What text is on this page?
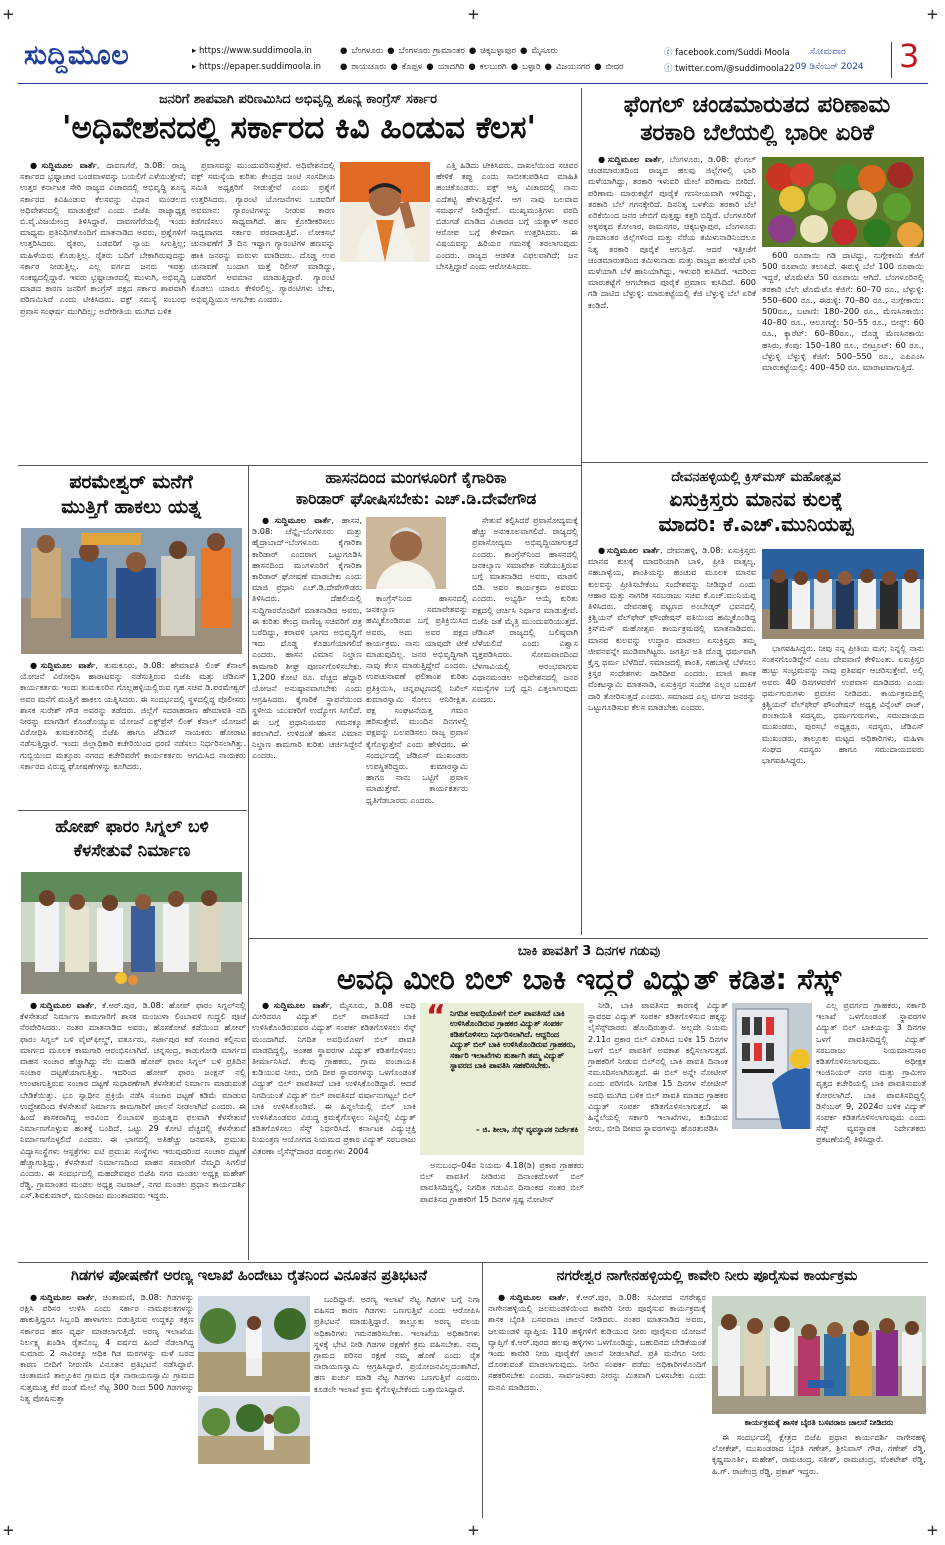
+	+	+
+	+	+
ಸುದ್ದಿಮೂಲ	▸ https://www.suddimoola.in
▸ https://epaper.suddimoola.in
● ಬೆಂಗಳೂರು ● ಬೆಂಗಳೂರು ಗ್ರಾಮಾಂತರ ● ಚಿಕ್ಕಬಳ್ಳಾಪುರ ● ಮೈಸೂರು
● ರಾಯಚೂರು ● ಕೊಪ್ಪಳ ● ಯಾದಗಿರಿ ● ಕಲಬುರಗಿ ● ಬಳ್ಳಾರಿ ● ವಿಜಯನಗರ ● ಬೀದರ
ⓕ facebook.com/Suddi Moola
ⓣ twitter.com/@suddimoola22
ಸೋಮವಾರ
09 ಡಿಸೆಂಬರ್ 2024 3
ಜನರಿಗೆ ಶಾಪವಾಗಿ ಪರಿಣಮಿಸಿದ ಅಭಿವೃದ್ಧಿ ಶೂನ್ಯ ಕಾಂಗ್ರೆಸ್ ಸರ್ಕಾರ
'ಅಧಿವೇಶನದಲ್ಲಿ ಸರ್ಕಾರದ ಕಿವಿ ಹಿಂಡುವ ಕೆಲಸ'

●ಸುದ್ದಿಮೂಲ ವಾರ್ತೆ, ದಾವಣಗೆರೆ, ಡಿ.08: ರಾಜ್ಯ ಸರ್ಕಾರದ ಭ್ರಷ್ಟಾಚಾರ ಬಂಡವಾಳವನ್ನು ಬಯಲಿಗೆ ಎಳೆಯುತ್ತೇವೆ; ಉತ್ತರ ಕರ್ನಾಟಕ ಸೇರಿ ರಾಜ್ಯದ ವಿಚಾರದಲ್ಲಿ ಅಭಿವೃದ್ಧಿ ಶೂನ್ಯ ಸರ್ಕಾರದ ಕಿವಿಹಿಂಡುವ ಕೆಲಸವನ್ನು ವಿಧಾನ ಮಂಡಲದ ಅಧಿವೇಶನದಲ್ಲಿ ಮಾಡುತ್ತೇವೆ ಎಂದು ಬಿಜೆಪಿ ರಾಜ್ಯಾಧ್ಯಕ್ಷ ಬಿ.ವೈ.ವಿಜಯೇಂದ್ರ ತಿಳಿಸಿದ್ದಾರೆ. ದಾವಣಗೆರೆಯಲ್ಲಿ ಇಂದು ಮಾಧ್ಯಮ ಪ್ರತಿನಿಧಿಗಳೊಂದಿಗೆ ಮಾತನಾಡಿದ ಅವರು, ಪ್ರಶ್ನೆಗಳಿಗೆ ಉತ್ತರಿಸಿದರು. ರೈತರು, ಬಡವರಿಗೆ ನ್ಯಾಯ ಸಿಗುತ್ತಿಲ್ಲ; ಮಹಿಳೆಯರು ಕೊಡುತ್ತಿಲ್ಲ. ರೈತರು ಬದಿಗೆ ಬೇಕಾಗಿರುವುದನ್ನು ಸರ್ಕಾರ ನೀಡುತ್ತಿಲ್ಲ. ಎಲ್ಲ ವರ್ಗದ ಜನರು ಇವತ್ತು ಸಂಕಷ್ಟದಲ್ಲಿದ್ದಾರೆ. ಇವರು ಭ್ರಷ್ಟಾಚಾರದಲ್ಲಿ ಮುಳುಗಿ, ಅಭಿವೃದ್ಧಿ ಮಾಡದ ಕಾರಣ ಜನರಿಗೆ ಕಾಂಗ್ರೆಸ್ ಪಕ್ಷದ ಸರ್ಕಾರ ಶಾಪವಾಗಿ ಪರಿಣಮಿಸಿದೆ ಎಂದು ಟೀಕಿಸಿದರು. ವಕ್ಫ್ ಸಮಸ್ಯೆ ಸಂಬಂಧ ಪ್ರವಾಸ ಸಂಘರ್ಷ ಮುಗಿದಿಲ್ಲ; ಅದೇರೀತಿಯ ಮುಗಿದ ಬಳಿಕ

ಪ್ರವಾಸವನ್ನು ಮುಂದುವರಿಸುತ್ತೇವೆ. ಅಧಿವೇಶನದಲ್ಲಿ ವಕ್ಫ್ ಸಮಸ್ಯೆಯ ಕುರಿತು ಕೇಂದ್ರದ ಜಂಟಿ ಸಂಸದೀಯ ಸಮಿತಿ ಅಧ್ಯಕ್ಷರಿಗೆ ನೀಡುತ್ತೇವೆ ಎಂದು ಪ್ರಶ್ನೆಗೆ ಉತ್ತರಿಸಿದರು. ಗ್ಯಾರಂಟಿ ಯೋಜನೆಗಳು ಬಡವರಿಗೆ ಅವಮಾನ: ಗ್ಯಾರಂಟಿಗಳನ್ನು ನೀಡುವ ಕಾರಣ ಕಡೆಗಣಿಸಲು ಸಾಧ್ಯವಾಗಿದೆ. ಹಣ ಕ್ರೋಡೀಕರಿಸಲು ಸಾಧ್ಯವಾಗದ ಸರ್ಕಾರ ಪರದಾಡುತ್ತಿದೆ. ಲೋಕಸಭೆ ಚುನಾವಣೆಗೆ 3 ದಿನ ಇದ್ದಾಗ ಗ್ಯಾರಂಟಿಗಳ ಹಣವನ್ನು ಹಾಕಿ ಜನರನ್ನು ಮರುಳು ಮಾಡಿದರು. ದೊಡ್ಡ ಉಪ ಚುನಾವಣೆ ಬಂದಾಗ ಮತ್ತೆ ರಿಲೀಸ್ ಮಾಡಿದ್ದು, ಬಡವರಿಗೆ ಅವಮಾನ ಮಾಡುತ್ತಿದ್ದಾರೆ. ಗ್ಯಾರಂಟಿ ಕೊಡಲು ಯಾರೂ ಕೇಳಿರಲಿಲ್ಲ. ಗ್ಯಾರಂಟಿಗಳು ಬೇಕು, ಅಭಿವೃದ್ಧಿಯೂ ಆಗಬೇಕು ಎಂದರು.

ಎತ್ತಿ ಹಿಡಿದು ಟೀಕಿಸಿದರು. ದಾಖಲೆಯಿಂದ ಸಚಿವರ ಹೇಳಿಕೆ ತಪ್ಪು ಎಂದು ಸಾಬೀತುಪಡಿಸಿದ ಮಾಹಿತಿ ಹಂಚಿಕೊಂಡರು. ವಕ್ಫ್ ಆಸ್ತಿ ವಿಚಾರದಲ್ಲಿ ನಾನು ಎದೆತಟ್ಟಿ ಹೇಳುತ್ತಿದ್ದೇನೆ. ಆಗ ನಾವು ಬಲವಾದ ಸಮರ್ಥನೆ ನೀಡಿದ್ದೇವೆ. ಮುಖ್ಯಮಂತ್ರಿಗಳು ವರದಿ ಬಿಡುಗಡೆ ಮಾಡಿದ ವಿಚಾರದ ಬಗ್ಗೆ ಯತ್ನಾಳ್ ಅವರ ಆರೋಪ ಬಗ್ಗೆ ಕೇಳಿದಾಗ ಉತ್ತರಿಸಿದರು. ಈ ವಿಷಯವನ್ನು ಹಿರಿಯರ ಗಮನಕ್ಕೆ ತರಲಾಗುವುದು ಎಂದರು. ರಾಜ್ಯದ ಆಡಳಿತ ವಿಫಲವಾಗಿದೆ; ಜನ ಬೇಸತ್ತಿದ್ದಾರೆ ಎಂದು ಆರೋಪಿಸಿದರು.

ಫೆಂಗಲ್ ಚಂಡಮಾರುತದ ಪರಿಣಾಮ
ತರಕಾರಿ ಬೆಲೆಯಲ್ಲಿ ಭಾರೀ ಏರಿಕೆ

●ಸುದ್ದಿಮೂಲ ವಾರ್ತೆ, ಬೆಂಗಳೂರು, ಡಿ.08: ಫೆಂಗಲ್ ಚಂಡಮಾರುತದಿಂದ ರಾಜ್ಯದ ಹಲವು ಜಿಲ್ಲೆಗಳಲ್ಲಿ ಭಾರಿ ಮಳೆಯಾಗಿದ್ದು, ತರಕಾರಿ ಇಳುವರಿ ಮೇಲೆ ಪರಿಣಾಮ ಬೀರಿದೆ. ಪರಿಣಾಮ ಮಾರುಕಟ್ಟೆಗೆ ಪೂರೈಕೆ ಗಣನೀಯವಾಗಿ ಇಳಿದಿದ್ದು, ತರಕಾರಿ ಬೆಲೆ ಗಗನಕ್ಕೇರಿದೆ. ದಿನನಿತ್ಯ ಬಳಕೆಯ ತರಕಾರಿ ಬೆಲೆ ಏರಿಕೆಯಿಂದ ಜನರ ಜೇಬಿಗೆ ಮತ್ತಷ್ಟು ಕತ್ತರಿ ಬಿದ್ದಿದೆ. ಬೆಂಗಳೂರಿಗೆ ಅಕ್ಕಪಕ್ಕದ ಕೋಲಾರ, ರಾಮನಗರ, ಚಿಕ್ಕಬಳ್ಳಾಪುರ, ಬೆಂಗಳೂರು ಗ್ರಾಮಾಂತರ ಜಿಲ್ಲೆಗಳಿಂದ ಮತ್ತು ನೆರೆಯ ತಮಿಳುನಾಡಿನಿಂದಲೂ ನಿತ್ಯ ತರಕಾರಿ ಪೂರೈಕೆ ಆಗುತ್ತಿದೆ. ಆದರೆ ಇತ್ತೀಚೆಗೆ ಚಂಡಮಾರುತದಿಂದ ತಮಿಳುನಾಡು ಮತ್ತು ರಾಜ್ಯದ ಹಲವೆಡೆ ಭಾರಿ ಮಳೆಯಾಗಿ ಬೆಳೆ ಹಾನಿಯಾಗಿದ್ದು, ಇಳುವರಿ ಕುಸಿದಿದೆ. ಇದರಿಂದ ಮಾರುಕಟ್ಟೆಗೆ ಆಗಬೇಕಾದ ಪೂರೈಕೆ ಪ್ರಮಾಣ ಕುಸಿದಿದೆ. 600 ಗಡಿ ದಾಟಿದ ಬೆಳ್ಳುಳ್ಳಿ: ಮಾರುಕಟ್ಟೆಯಲ್ಲಿ ಕೆಜಿ ಬೆಳ್ಳುಳ್ಳಿ ಬೆಲೆ ಏರಿಕೆ ಕಂಡಿದೆ.

600 ರೂಪಾಯಿ ಗಡಿ ದಾಟಿದ್ದು, ನುಗ್ಗೇಕಾಯಿ ಕೆಜಿಗೆ 500 ರೂಪಾಯಿ ತಲುಪಿದೆ. ಈರುಳ್ಳಿ ಬೆಲೆ 100 ರೂಪಾಯಿ ಇದ್ದರೆ, ಟೊಮೆಟೊ 50 ರೂಪಾಯಿ ಆಗಿದೆ. ಬೆಂಗಳೂರಿನಲ್ಲಿ ತರಕಾರಿ ಬೆಲೆ: ಟೊಮೆಟೊ ಕೆಜಿಗೆ: 60–70 ರೂ., ಬೆಳ್ಳುಳ್ಳಿ: 550–600 ರೂ., ಈರುಳ್ಳಿ: 70–80 ರೂ., ನುಗ್ಗೇಕಾಯಿ: 500ರೂ., ಬಟಾಣಿ: 180–200 ರೂ., ಮೆಣಸಿನಕಾಯಿ: 40–80 ರೂ., ಆಲೂಗಡ್ಡೆ: 50–55 ರೂ., ಬೀನ್ಸ್: 60 ರೂ., ಕ್ಯಾರೆಟ್: 60–80ರೂ., ದೊಡ್ಡ ಮೆಣಸಿನಕಾಯಿ ಹಸಿರು, ಕೆಂಪು: 150–180 ರೂ., ಬೀಟ್ರೂಟ್: 60 ರೂ., ಬೆಳ್ಳುಳ್ಳಿ ಬೆಳ್ಳುಳ್ಳಿ ಕೆಜಿಗೆ: 500–550 ರೂ., ಎಪಿಎಂಸಿ ಮಾರುಕಟ್ಟೆಯಲ್ಲಿ: 400–450 ರೂ. ಮಾರಾಟವಾಗುತ್ತಿದೆ.

ಪರಮೇಶ್ವರ್ ಮನೆಗೆ
ಮುತ್ತಿಗೆ ಹಾಕಲು ಯತ್ನ

●ಸುದ್ದಿಮೂಲ ವಾರ್ತೆ, ತುಮಕೂರು, ಡಿ.08: ಹೇಮಾವತಿ ಲಿಂಕ್ ಕೆನಾಲ್ ಯೋಜನೆ ವಿರೋಧಿಸಿ ಹಾರಾಟವನ್ನು ನಡೆಸುತ್ತಿರುವ ಬಿಜೆಪಿ ಮತ್ತು ಜೆಡಿಎಸ್ ಕಾರ್ಯಕರ್ತರು ಇಂದು ತುಮಕೂರಿನ ಗೊಲ್ಲಹಳ್ಳಿಯಲ್ಲಿರುವ ಗೃಹ ಸಚಿವ ಡಿ.ಪರಮೇಶ್ವರ್ ಅವರ ಮನೆಗೆ ಮುತ್ತಿಗೆ ಹಾಕಲು ಯತ್ನಿಸಿದರು. ಈ ಸಂದರ್ಭದಲ್ಲಿ ಸ್ಥಳದಲ್ಲಿದ್ದ ಪೊಲೀಸರು ಶಾಸಕ ಸುರೇಶ್ ಗೌಡ ಅವರನ್ನು ತಡೆದರು. ಜಿಲ್ಲೆಗೆ ಸದರಾಹರಾಣ ಹೇಮಾವತಿ ನದಿ ನೀರನ್ನು ಮಾಗಡಿಗೆ ಕೊಂಡೊಯ್ಯುವ ಯೋಜನೆ ಎಕ್ಸ್‌ಪ್ರೆಸ್ ಲಿಂಕ್ ಕೆನಾಲ್ ಯೋಜನೆ ವಿರೋಧಿಸಿ ತುಮಕೂರಿನಲ್ಲಿ ಬಿಜೆಪಿ ಹಾಗೂ ಜೆಡಿಎಸ್ ನಾಯಕರು ಹೋರಾಟ ನಡೆಸುತ್ತಿದ್ದಾರೆ. ಇಂದು ಜಿಲ್ಲಾಧಿಕಾರಿ ಕಚೇರಿಯಿಂದ ಧರಣಿ ನಡೆಸಲು ನಿರ್ಧರಿಸಲಾಗಿತ್ತು. ಗುಬ್ಬಿಯಿಂದ ಮತ್ತೂರು ನಗರದ ಕಚೇರಿವರೆಗೆ ಕಾರ್ಯಕರ್ತರು ಆಗಮಿಸಿದ ನಾಯಕರು ಸರ್ಕಾರದ ವಿರುದ್ಧ ಘೋಷಣೆಗಳನ್ನು ಕೂಗಿದರು.

ಹೋಪ್ ಫಾರಂ ಸಿಗ್ನಲ್ ಬಳಿ
ಕೆಳಸೇತುವೆ ನಿರ್ಮಾಣ

●ಸುದ್ದಿಮೂಲ ವಾರ್ತೆ, ಕೆ.ಆರ್.ಪುರ, ಡಿ.08: ಹೋಪ್ ಫಾರಂ ಸಿಗ್ನಲ್‌ನಲ್ಲಿ ಕೆಳಸೇತುವೆ ನಿರ್ಮಾಣ ಕಾಮಗಾರಿಗೆ ಶಾಸಕ ಮಂಜುಳಾ ಲಿಂಬಾವಳಿ ಗುದ್ದಲಿ ಪೂಜೆ ನೆರವೇರಿಸಿದರು. ನಂತರ ಮಾತನಾಡಿದ ಅವರು, ಹೊಸಕೋಟೆ ಕಡೆಯಿಂದ ಹೋಪ್ ಫಾರಂ ಸಿಗ್ನಲ್ ಬಳಿ ವೈಟ್‌ಫೀಲ್ಡ್, ವರ್ತೂರು, ಸರ್ಜಾಪುರ ಕಡೆ ಸಂಚಾರ ಕಲ್ಪಿಸುವ ಮಾರ್ಗದ ಮೂಲಕ ಕಾಮಗಾರಿ ಆರಂಭಿಸಲಾಗಿದೆ. ಚನ್ನಸಂದ್ರ, ಕಾಡುಗೋಡಿ ಮಾರ್ಗದ ವಾಹನ ಸಂಚಾರ ಹೆಚ್ಚಾಗಿದ್ದು ನೆಲ ಮಹಡಿ ಹೋಪ್ ಫಾರಂ ಸಿಗ್ನಲ್ ಬಳಿ ಪ್ರತಿದಿನ ಸಂಚಾರ ದಟ್ಟಣೆಯಾಗುತ್ತಿತ್ತು. ಇದರಿಂದ ಹೋಪ್ ಫಾರಂ ಜಂಕ್ಷನ್ ನಲ್ಲಿ ಉಂಟಾಗುತ್ತಿರುವ ಸಂಚಾರ ದಟ್ಟಣೆ ಸುಧಾರಣೆಗಾಗಿ ಕೆಳಸೇತುವೆ ನಿರ್ಮಾಣ ಮಾಡುವಂತೆ ಬೇಡಿಕೆಯಿತ್ತು. ಭೂ ಸ್ವಾಧೀನ ಪ್ರಕ್ರಿಯೆ ನಡೆಸಿ ಸಂಚಾರ ದಟ್ಟಣೆ ಕಡಿಮೆ ಮಾಡುವ ಉದ್ದೇಶದಿಂದ ಕೆಳಸೇತುವೆ ನಿರ್ಮಾಣ ಕಾಮಗಾರಿಗೆ ಚಾಲನೆ ನೀಡಲಾಗಿದೆ ಎಂದರು. ಈ ಹಿಂದೆ ಶಾಸಕರಾಗಿದ್ದ ಅರವಿಂದ ಲಿಂಬಾವಳಿ ಪ್ರಯತ್ನದ ಫಲವಾಗಿ ಕೆಳಸೇತುವೆ ನಿರ್ಮಾಣಗೊಳ್ಳುವ ಹಂತಕ್ಕೆ ಬಂದಿದೆ. ಒಟ್ಟು 29 ಕೋಟಿ ವೆಚ್ಚದಲ್ಲಿ ಕೆಳಸೇತುವೆ ನಿರ್ಮಾಣಗೊಳ್ಳಲಿದೆ ಎಂದರು. ಈ ಭಾಗದಲ್ಲಿ ಅತಿಹೆಚ್ಚು ಜನವಸತಿ, ಪ್ರಮುಖ ವಿದ್ಯಾಸಂಸ್ಥೆಗಳು ಆಸ್ಪತ್ರೆಗಳು ಐಟಿ ಪ್ರಮುಖ ಸಂಸ್ಥೆಗಳು ಇರುವುದರಿಂದ ಸಂಚಾರ ದಟ್ಟಣೆ ಹೆಚ್ಚಾಗುತ್ತಿದ್ದು, ಕೆಳಸೇತುವೆ ನಿರ್ಮಾಣದಿಂದ ವಾಹನ ಸವಾರರಿಗೆ ನೆಮ್ಮದಿ ಸಿಗಲಿದೆ ಎಂದರು. ಈ ಸಂದರ್ಭದಲ್ಲಿ ಮಹದೇವಪುರ ಬಿಜೆಪಿ ನಗರ ಮಂಡಲ ಅಧ್ಯಕ್ಷ ಮಹೇಶ್ ರೆಡ್ಡಿ, ಗ್ರಾಮಾಂತರ ಮಂಡಲ ಅಧ್ಯಕ್ಷ ನಟರಾಜ್, ನಗರ ಮಂಡಲ ಪ್ರಧಾನ ಕಾರ್ಯದರ್ಶಿ ಎಸ್.ಶಿವಕುಮಾರ್, ಮುನಿರಾಜು ಮುಂತಾದವರು ಇದ್ದರು.

ಹಾಸನದಿಂದ ಮಂಗಳೂರಿಗೆ ಕೈಗಾರಿಕಾ
ಕಾರಿಡಾರ್ ಘೋಷಿಸಬೇಕು: ಎಚ್.ಡಿ.ದೇವೇಗೌಡ

●ಸುದ್ದಿಮೂಲ ವಾರ್ತೆ, ಹಾಸನ, ಡಿ.08: ಚೆನ್ನೈ–ಬೆಂಗಳೂರು ಮತ್ತು ಹೈದ್ರಾಬಾದ್–ಬೆಂಗಳೂರು ಕೈಗಾರಿಕಾ ಕಾರಿಡಾರ್ ಎಂದರಾಗ ಒಟ್ಟುಗೂಡಿಸಿ ಹಾಸನದಿಂದ ಮಂಗಳೂರಿಗೆ ಕೈಗಾರಿಕಾ ಕಾರಿಡಾರ್ ಘೋಷಣೆ ಮಾಡಬೇಕು ಎಂದು ಮಾಜಿ ಪ್ರಧಾನಿ ಎಚ್.ಡಿ.ದೇವೇಗೌಡರು ತಿಳಿಸಿದರು. ದೆಹಲಿಯಲ್ಲಿ ಸುದ್ದಿಗಾರರೊಂದಿಗೆ ಮಾತನಾಡಿದ ಅವರು, ಈ ಕುರಿತು ಕೇಂದ್ರ ವಾಣಿಜ್ಯ ಸಚಿವರಿಗೆ ಪತ್ರ ಬರೆದಿದ್ದು, ಕರಾವಳಿ ಭಾಗದ ಅಭಿವೃದ್ಧಿಗೆ ಇದು ದೊಡ್ಡ ಕೊಡುಗೆಯಾಗಲಿದೆ ಎಂದರು. ಹಾಸನ ವಿಮಾನ ನಿಲ್ದಾಣ ಕಾಮಗಾರಿ ಶೀಘ್ರ ಪೂರ್ಣಗೊಳಿಸಬೇಕು. 1,200 ಕೋಟಿ ರೂ. ವೆಚ್ಚದ ಹೆದ್ದಾರಿ ಯೋಜನೆ ಅನುಷ್ಠಾನವಾಗಬೇಕು ಎಂದು ಆಗ್ರಹಿಸಿದರು. ಕೈಗಾರಿಕೆ ಸ್ಥಾಪನೆಯಿಂದ ಸ್ಥಳೀಯ ಯುವಕರಿಗೆ ಉದ್ಯೋಗ ಸಿಗಲಿದೆ. ಈ ಬಗ್ಗೆ ಪ್ರಧಾನಿಯವರ ಗಮನಕ್ಕೂ ತರಲಾಗಿದೆ. ಉಳಿದಂತೆ ಹಾಸನ ವಿಮಾನ ನಿಲ್ದಾಣ ಕಾಮಗಾರಿ ಕುರಿತು ಚರ್ಚಿಸಿದ್ದೇನೆ ಎಂದರು.

ಕಾಂಗ್ರೆಸ್‌ನಿಂದ ಹಾಸನದಲ್ಲಿ ಜನಕಲ್ಯಾಣ ಸಮಾವೇಶವನ್ನು ಹಮ್ಮಿಕೊಂಡಿರುವ ಬಗ್ಗೆ ಪ್ರತಿಕ್ರಿಯಿಸಿದ ಅವರು, ಅದು ಅವರ ಪಕ್ಷದ ಕಾರ್ಯಕ್ರಮ. ನಾನು ಯಾವುದೇ ಟೀಕೆ ಮಾಡುವುದಿಲ್ಲ. ಜನರ ಅಭಿವೃದ್ಧಿಗಾಗಿ ನಾವು ಕೆಲಸ ಮಾಡುತ್ತಿದ್ದೇವೆ ಎಂದರು. ಉಪಚುನಾವಣೆ ಫಲಿತಾಂಶ ಕುರಿತು ಪ್ರತಿಕ್ರಿಯಿಸಿ, ಚನ್ನಪಟ್ಟಣದಲ್ಲಿ ನಿಖಿಲ್ ಕುಮಾರಸ್ವಾಮಿ ಸೋಲು ಅನಿರೀಕ್ಷಿತ. ಪಕ್ಷ ಸಂಘಟನೆಯತ್ತ ಗಮನ ಹರಿಸುತ್ತೇವೆ. ಮುಂದಿನ ದಿನಗಳಲ್ಲಿ ಪಕ್ಷವನ್ನು ಬಲಪಡಿಸಲು ರಾಜ್ಯ ಪ್ರವಾಸ ಕೈಗೊಳ್ಳುತ್ತೇನೆ ಎಂದು ಹೇಳಿದರು. ಈ ಸಂದರ್ಭದಲ್ಲಿ ಜೆಡಿಎಸ್ ಮುಖಂಡರು ಉಪಸ್ಥಿತರಿದ್ದರು. ಕುಮಾರಸ್ವಾಮಿ ಹಾಗೂ ನಾನು ಒಟ್ಟಿಗೆ ಪ್ರವಾಸ ಮಾಡುತ್ತೇವೆ. ಕಾರ್ಯಕರ್ತರು ಧೃತಿಗೆಡಬಾರದು ಎಂದರು.

ಸೇತುವೆ ಕಲ್ಪಿಸಿದರೆ ಪ್ರವಾಸೋದ್ಯಮಕ್ಕೆ ಹೆಚ್ಚು ಅನುಕೂಲವಾಗಲಿದೆ. ರಾಜ್ಯದಲ್ಲಿ ಪ್ರವಾಸೋದ್ಯಮ ಅಭಿವೃದ್ಧಿಯಾಗುತ್ತದೆ ಎಂದರು. ಕಾಂಗ್ರೆಸ್‌ನಿಂದ ಹಾಸನದಲ್ಲಿ ಜನಕಲ್ಯಾಣ ಸಮಾವೇಶ ನಡೆಯುತ್ತಿರುವ ಬಗ್ಗೆ ಮಾತನಾಡಿದ ಅವರು, ಮಾಡಲಿ ಬಿಡಿ. ಅವರ ಕಾರ್ಯಕ್ರಮ ಅವರದು ಎಂದರು. ಅಭ್ಯರ್ಥಿ ಆಯ್ಕೆ ಕುರಿತು ಪಕ್ಷದಲ್ಲಿ ಚರ್ಚಿಸಿ ನಿರ್ಧಾರ ಮಾಡುತ್ತೇವೆ. ಬಿಜೆಪಿ ಜತೆ ಮೈತ್ರಿ ಮುಂದುವರಿಯುತ್ತದೆ. ಜೆಡಿಎಸ್ ರಾಜ್ಯದಲ್ಲಿ ಬಲಿಷ್ಠವಾಗಿ ಬೆಳೆಯಲಿದೆ ಎಂದು ವಿಶ್ವಾಸ ವ್ಯಕ್ತಪಡಿಸಿದರು. ಸೋಮವಾರದಿಂದ ಬೆಳಗಾವಿಯಲ್ಲಿ ಆರಂಭವಾಗುವ ವಿಧಾನಮಂಡಲ ಅಧಿವೇಶನದಲ್ಲಿ ಜನರ ಸಮಸ್ಯೆಗಳ ಬಗ್ಗೆ ಧ್ವನಿ ಎತ್ತಲಾಗುವುದು ಎಂದರು.

ದೇವನಹಳ್ಳಿಯಲ್ಲಿ ಕ್ರಿಸ್‌ಮಸ್ ಮಹೋತ್ಸವ
ಏಸುಕ್ರಿಸ್ತರು ಮಾನವ ಕುಲಕ್ಕೆ
ಮಾದರಿ: ಕೆ.ಎಚ್.ಮುನಿಯಪ್ಪ

●ಸುದ್ದಿಮೂಲ ವಾರ್ತೆ, ದೇವನಹಳ್ಳಿ, ಡಿ.08: ಏಸುಕ್ರಿಸ್ತರು ಮಾನವ ಕುಲಕ್ಕೆ ಮಾದರಿಯಾಗಿ ಬಾಳಿ, ಪ್ರೀತಿ ವಾತ್ಸಲ್ಯ, ಸಹಬಾಳ್ವೆಯ, ಶಾಂತಿಯನ್ನು ಹಂಚುವ ಮೂಲಕ ಮಾನವ ಕುಲವನ್ನು ಪ್ರೀತಿಸಬೇಕೆಂಬ ಸಂದೇಶವನ್ನು ನೀಡಿದ್ದಾರೆ ಎಂದು ಆಹಾರ ಮತ್ತು ನಾಗರಿಕ ಸರಬರಾಜು ಸಚಿವ ಕೆ.ಎಚ್.ಮುನಿಯಪ್ಪ ತಿಳಿಸಿದರು. ದೇವನಹಳ್ಳಿ ಪಟ್ಟಣದ ಅಂಬೇಡ್ಕರ್ ಭವನದಲ್ಲಿ ಕ್ರಿಶ್ಚಿಯನ್ ವೆಲ್‌ಫೇರ್ ಫೌಂಡೇಷನ್ ವತಿಯಿಂದ ಹಮ್ಮಿಕೊಂಡಿದ್ದ ಕ್ರಿಸ್‌ಮಸ್ ಮಹೋತ್ಸವ ಕಾರ್ಯಕ್ರಮದಲ್ಲಿ ಮಾತನಾಡಿದರು. ಮಾನವ ಕುಲವನ್ನು ಉದ್ಧಾರ ಮಾಡಲು ಏಸುಕ್ರಿಸ್ತರು ತಮ್ಮ ಜೀವನವನ್ನೇ ಮುಡಿಪಾಗಿಟ್ಟರು. ಜಗತ್ತಿನ ಅತಿ ದೊಡ್ಡ ಧರ್ಮವಾಗಿ ಕ್ರೈಸ್ತ ಧರ್ಮ ಬೆಳೆದಿದೆ. ಸಮಾಜದಲ್ಲಿ ಶಾಂತಿ, ಸಹಬಾಳ್ವೆ ಬೆಳೆಸಲು ಕ್ರಿಸ್ತರ ಸಂದೇಶಗಳು ದಾರಿದೀಪ ಎಂದರು. ಮಾಜಿ ಶಾಸಕ ವೆಂಕಟಸ್ವಾಮಿ ಮಾತನಾಡಿ, ಏಸುಕ್ರಿಸ್ತರ ಸಂದೇಶ ಎಲ್ಲರ ಬದುಕಿಗೆ ದಾರಿ ತೋರಿಸುತ್ತದೆ ಎಂದರು. ಸಮಾಜದ ಎಲ್ಲ ವರ್ಗದ ಜನರನ್ನು ಒಟ್ಟುಗೂಡಿಸುವ ಕೆಲಸ ಮಾಡಬೇಕು ಎಂದರು.

ಭಾಗವಹಿಸಿದ್ದರು. ನೀವು ನನ್ನ ಪ್ರೀತಿಯ ಮಗ; ನಿನ್ನಲ್ಲಿ ನಾನು ಸಂತಸಗೊಂಡಿದ್ದೇನೆ ಎಂಬ ದೇವವಾಣಿ ಕೇಳಿಬಂತು. ಏಸುಕ್ರಿಸ್ತರ ಹುಟ್ಟು ಸಂಭ್ರಮವನ್ನು ನಾವು ಪ್ರತಿವರ್ಷ ಆಚರಿಸುತ್ತೇವೆ. ಅಲ್ಲಿ ಅವರು 40 ದಿನಗಳವರೆಗೆ ಉಪವಾಸ ಮಾಡಿದರು ಎಂದು ಧರ್ಮಗುರುಗಳು ಪ್ರವಚನ ನೀಡಿದರು. ಕಾರ್ಯಕ್ರಮದಲ್ಲಿ ಕ್ರಿಶ್ಚಿಯನ್ ವೆಲ್‌ಫೇರ್ ಫೌಂಡೇಷನ್ ಅಧ್ಯಕ್ಷ ವಿನ್ಸೆಂಟ್ ರಾಜ್, ಪಂಚಾಯಿತಿ ಸದಸ್ಯರು, ಧರ್ಮಗುರುಗಳು, ಸಮುದಾಯದ ಮುಖಂಡರು, ಪುರಸಭೆ ಅಧ್ಯಕ್ಷರು, ಸದಸ್ಯರು, ಜೆಡಿಎಸ್ ಮುಖಂಡರು, ತಾಲ್ಲೂಕು ಮಟ್ಟದ ಅಧಿಕಾರಿಗಳು, ಮಹಿಳಾ ಸಂಘದ ಸದಸ್ಯರು ಹಾಗೂ ಸಮುದಾಯದವರು ಭಾಗವಹಿಸಿದ್ದರು.

ಬಾಕಿ ಪಾವತಿಗೆ 3 ದಿನಗಳ ಗಡುವು
ಅವಧಿ ಮೀರಿ ಬಿಲ್ ಬಾಕಿ ಇದ್ದರೆ ವಿದ್ಯುತ್ ಕಡಿತ: ಸೆಸ್ಕ್

●ಸುದ್ದಿಮೂಲ ವಾರ್ತೆ, ಮೈಸೂರು, ಡಿ.08 ಅವಧಿ ಮೀರಿದರೂ ವಿದ್ಯುತ್ ಬಿಲ್ ಪಾವತಿಸದೆ ಬಾಕಿ ಉಳಿಸಿಕೊಂಡಿರುವವರ ವಿದ್ಯುತ್ ಸಂಪರ್ಕ ಕಡಿತಗೊಳಿಸಲು ಸೆಸ್ಕ್ ಮುಂದಾಗಿದೆ. ನಿಗದಿತ ಅವಧಿಯೊಳಗೆ ಬಿಲ್ ಪಾವತಿ ಮಾಡದಿದ್ದಲ್ಲಿ, ಅಂತಹ ಸ್ಥಾವರಗಳ ವಿದ್ಯುತ್ ಕಡಿತಗೊಳಿಸಲು ತೀರ್ಮಾನಿಸಿದೆ. ಕೆಲವು ಗ್ರಾಹಕರು, ಗ್ರಾಮ ಪಂಚಾಯತಿ ಕುಡಿಯುವ ನೀರು, ಬೀದಿ ದೀಪ ಸ್ಥಾವರಗಳನ್ನು ಒಳಗೊಂಡಂತೆ ವಿದ್ಯುತ್ ಬಿಲ್ ಪಾವತಿಸದೆ ಬಾಕಿ ಉಳಿಸಿಕೊಂಡಿದ್ದಾರೆ. ಆದರೆ ನಿಗದಿಯಂತೆ ವಿದ್ಯುತ್ ಬಿಲ್ ಪಾವತಿಸದೆ ವರ್ಷಾನುಗಟ್ಟಲೆ ಬಿಲ್ ಬಾಕಿ ಉಳಿಸಿಕೊಂಡಿವೆ. ಈ ಹಿನ್ನಲೆಯಲ್ಲಿ ಬಿಲ್ ಬಾಕಿ ಉಳಿಸಿಕೊಂಡವರ ವಿರುದ್ಧ ಕ್ರಮಕೈಗೊಳ್ಳಲು ನಿಟ್ಟಿನಲ್ಲಿ ವಿದ್ಯುತ್ ಕಡಿತಗೊಳಿಸಲು ಸೆಸ್ಕ್ ನಿರ್ಧರಿಸಿದೆ. ಕರ್ನಾಟಕ ವಿದ್ಯುಚ್ಛಕ್ತಿ ನಿಯಂತ್ರಣ ಆಯೋಗದ ನಿಯಮದ ಪ್ರಕಾರ ವಿದ್ಯುತ್ ಸರಬರಾಜು ವಿತರಣಾ ಲೈಸೆನ್ಸ್‌ದಾರರ ಷರತ್ತುಗಳು 2004

“ ನಿಗದಿತ ಅವಧಿಯೊಳಗೆ ಬಿಲ್ ಪಾವತಿಸದೆ ಬಾಕಿ ಉಳಿಸಿಕೊಂಡಿರುವ ಗ್ರಾಹಕರ ವಿದ್ಯುತ್ ಸಂಪರ್ಕ ಕಡಿತಗೊಳಿಸಲು ನಿರ್ಧರಿಸಲಾಗಿದೆ. ಆದ್ದರಿಂದ ವಿದ್ಯುತ್ ಬಿಲ್ ಬಾಕಿ ಉಳಿಸಿಕೊಂಡಿರುವ ಗ್ರಾಹಕರು, ಸರ್ಕಾರಿ ಇಲಾಖೆಗಳು ತುರ್ತಾಗಿ ತಮ್ಮ ವಿದ್ಯುತ್ ಸ್ಥಾವರದ ಬಾಕಿ ಪಾವತಿಸಿ ಸಹಕರಿಸಬೇಕು.
– ಜಿ. ಶೀಲಾ, ಸೆಸ್ಕ್ ವ್ಯವಸ್ಥಾಪಕ ನಿರ್ದೇಶಕಿ

ಅನುಬಂಧ–04ರ ನಿಯಮ 4.18(ಡಿ) ಪ್ರಕಾರ ಗ್ರಾಹಕರು ಬಿಲ್ ಪಾವತಿಗೆ ನೀಡಿರುವ ದಿನಾಂಕದೊಳಗೆ ಬಿಲ್ ಪಾವತಿಸದಿದ್ದಲ್ಲಿ, ನಿಗದಿತ ಗಡುವಿನ ದಿನಾಂಕದ ನಂತರ ಬಿಲ್ ಪಾವತಿಸದ ಗ್ರಾಹಕರಿಗೆ 15 ದಿನಗಳ ಸ್ಪಷ್ಟ ನೋಟೀಸ್

ನೀಡಿ, ಬಾಕಿ ಪಾವತಿಸದ ಕಾರಣಕ್ಕೆ ವಿದ್ಯುತ್ ಸ್ಥಾವರದ ವಿದ್ಯುತ್ ಸಂಪರ್ಕ ಕಡಿತಗೊಳಿಸುವ ಹಕ್ಕನ್ನು ಲೈಸೆನ್ಸ್‌ದಾರರು ಹೊಂದಿರುತ್ತಾರೆ. ಅಲ್ಲದೇ ನಿಯಮ 2.11ರ ಪ್ರಕಾರ ಬಿಲ್ ವಿತರಿಸಿದ ಬಳಿಕ 15 ದಿನಗಳ ಒಳಗೆ ಬಿಲ್ ಪಾವತಿಗೆ ಅವಕಾಶ ಕಲ್ಪಿಸಲಾಗುತ್ತದೆ. ಗ್ರಾಹಕರಿಗೆ ನೀಡುವ ಬಿಲ್‌ನಲ್ಲಿ ಬಾಕಿ ಪಾವತಿ ದಿನಾಂಕ ನಮೂದಿಸಲಾಗಿರುತ್ತದೆ. ಈ ಬಿಲ್ ಅನ್ನೇ ನೋಟೀಸ್ ಎಂದು ಪರಿಗಣಿಸಿ ನಿಗದಿತ 15 ದಿನಗಳ ನೋಟೀಸ್ ಅವಧಿ ಮುಗಿದ ಬಳಿಕ ಬಿಲ್ ಪಾವತಿ ಮಾಡದ ಗ್ರಾಹಕರ ವಿದ್ಯುತ್ ಸಂಪರ್ಕ ಕಡಿತಗೊಳಿಸಲಾಗುತ್ತದೆ. ಈ ಹಿನ್ನೆಲೆಯಲ್ಲಿ ಸರ್ಕಾರಿ ಇಲಾಖೆಗಳು, ಕುಡಿಯುವ ನೀರು, ಬೀದಿ ದೀಪದ ಸ್ಥಾವರಗಳನ್ನು ಹೊರತುಪಡಿಸಿ

ಎಲ್ಲ ಪ್ರವರ್ಗದ ಗ್ರಾಹಕರು, ಸರ್ಕಾರಿ ಇಲಾಖೆ ಒಳಗೊಂಡಂತೆ ಸ್ಥಾವರಗಳ ವಿದ್ಯುತ್ ಬಿಲ್ ಬಾಕಿಯನ್ನು 3 ದಿನಗಳ ಒಳಗೆ ಪಾವತಿಸದಿದ್ದಲ್ಲಿ ವಿದ್ಯುತ್ ಸರಬರಾಜು ನಿಯಮಾನುಸಾರ ಕಡಿತಗೊಳಿಸಲಾಗುವುದು. ಅಧೀಕ್ಷಕ ಇಂಜಿನಿಯರ್ ನಗರ ಮತ್ತು ಗ್ರಾಮೀಣ ವೃತ್ತದ ಕಚೇರಿಯಲ್ಲಿ ಬಾಕಿ ಪಾವತಿಸುವಂತೆ ಕೋರಲಾಗಿದೆ. ಬಾಕಿ ಪಾವತಿಸದಿದ್ದಲ್ಲಿ ಡಿಸೆಂಬರ್ 9, 2024ರ ಬಳಿಕ ವಿದ್ಯುತ್ ಸಂಪರ್ಕ ಕಡಿತಗೊಳಿಸಲಾಗುವುದು ಎಂದು ಸೆಸ್ಕ್ ವ್ಯವಸ್ಥಾಪಕ ನಿರ್ದೇಶಕರು ಪ್ರಕಟಣೆಯಲ್ಲಿ ತಿಳಿಸಿದ್ದಾರೆ.

ಗಿಡಗಳ ಪೋಷಣೆಗೆ ಅರಣ್ಯ ಇಲಾಖೆ ಹಿಂದೇಟು ರೈತನಿಂದ ವಿನೂತನ ಪ್ರತಿಭಟನೆ

●ಸುದ್ದಿಮೂಲ ವಾರ್ತೆ, ಚಿಂತಾಮಣಿ, ಡಿ.08: ಗಿಡಗಳನ್ನು ರಕ್ಷಿಸಿ ಪರಿಸರ ಉಳಿಸಿ ಎಂದು ಸರ್ಕಾರ ನಾಮಫಲಕಗಳನ್ನು ಹಾಕುತ್ತಿದ್ದರೂ ಸಿಬ್ಬಂದಿ ಹಾಳಾಗಲು ಬಿಡುತ್ತಿರುವ ಉದ್ದಕ್ಕೂ ತಕ್ಷಣ ಸರ್ಕಾರದ ಹಣ ವ್ಯರ್ಥ ಮಾಡಲಾಗುತ್ತಿದೆ. ಅರಣ್ಯ ಇಲಾಖೆಯ ನಿರ್ಲಕ್ಷ್ಯ ಖಂಡಿಸಿ ರೈತನೊಬ್ಬ 4 ವರ್ಷದ ಹಿಂದೆ ನೆಡಲಾಗಿದ್ದ ಸುಮಾರು 2 ಸಾವಿರಕ್ಕೂ ಅಧಿಕ ಗಿಡ ಮರಗಳನ್ನು ಮಳೆ ಬರದ ಕಾರಣ ಬೀದಿಗೆ ನೀರುಣಿಸಿ ವಿನೂತನ ಪ್ರತಿಭಟನೆ ನಡೆಸಿದ್ದಾರೆ. ಚಿಂತಾಮಣಿ ತಾಲ್ಲೂಕಿನ ಗ್ರಾಮದ ರೈತ ನಾರಾಯಣಸ್ವಾಮಿ ಗ್ರಾಮದ ಸುತ್ತಮುತ್ತ ಕೆರೆ ದಂಡೆ ಮೇಲೆ ನೆಟ್ಟ 300 ರಿಂದ 500 ಗಿಡಗಳನ್ನು ನಿತ್ಯ ಪೋಷಿಸುತ್ತಾ

ಬಂದಿದ್ದಾರೆ. ಅರಣ್ಯ ಇಲಾಖೆ ನೆಟ್ಟ ಗಿಡಗಳ ಬಗ್ಗೆ ನಿಗಾ ವಹಿಸದ ಕಾರಣ ಗಿಡಗಳು ಒಣಗುತ್ತಿವೆ ಎಂದು ಆರೋಪಿಸಿ ಪ್ರತಿಭಟನೆ ಮಾಡುತ್ತಿದ್ದಾರೆ. ತಾಲ್ಲೂಕು ಅರಣ್ಯ ವಲಯ ಅಧಿಕಾರಿಗಳು ಗಮನಹರಿಸಬೇಕು. ಇಲಾಖೆಯ ಅಧಿಕಾರಿಗಳು ಸ್ಥಳಕ್ಕೆ ಭೇಟಿ ನೀಡಿ ಗಿಡಗಳ ರಕ್ಷಣೆಗೆ ಕ್ರಮ ವಹಿಸಬೇಕು. ನಮ್ಮ ಗ್ರಾಮದ ಪರಿಸರ ರಕ್ಷಣೆ ನಮ್ಮ ಹೊಣೆ ಎಂದು ರೈತ ನಾರಾಯಣಸ್ವಾಮಿ ಆಗ್ರಹಿಸಿದ್ದಾರೆ. ಪ್ರಯೋಜನವಿಲ್ಲದಂತಾಗಿದೆ. ಹಣ ಖರ್ಚು ಮಾಡಿ ನೆಟ್ಟ ಗಿಡಗಳು ಒಣಗುತ್ತಿವೆ ಎಂದರು. ಕೂಡಲೇ ಇಲಾಖೆ ಕ್ರಮ ಕೈಗೊಳ್ಳಬೇಕೆಂದು ಒತ್ತಾಯಿಸಿದ್ದಾರೆ.

ನಗರೇಶ್ವರ ನಾಗೇನಹಳ್ಳಿಯಲ್ಲಿ ಕಾವೇರಿ ನೀರು ಪೂರೈಸುವ ಕಾರ್ಯಕ್ರಮ

●ಸುದ್ದಿಮೂಲ ವಾರ್ತೆ, ಕೆ.ಆರ್.ಪುರ, ಡಿ.08: ಸಮೀಪದ ನಗರೇಶ್ವರ ನಾಗೇನಹಳ್ಳಿಯಲ್ಲಿ ಜಲಮಂಡಳಿಯಿಂದ ಕಾವೇರಿ ನೀರು ಪೂರೈಸುವ ಕಾರ್ಯಕ್ರಮಕ್ಕೆ ಶಾಸಕ ಬೈರತಿ ಬಸವರಾಜ ಚಾಲನೆ ನೀಡಿದರು. ನಂತರ ಮಾತನಾಡಿದ ಅವರು, ಜಲಮಂಡಳಿ ವ್ಯಾಪ್ತಿಯ 110 ಹಳ್ಳಿಗಳಿಗೆ ಕುಡಿಯುವ ನೀರು ಪೂರೈಸುವ ಯೋಜನೆ ವ್ಯಾಪ್ತಿಗೆ ಕೆ.ಆರ್.ಪುರದ ಹಲವು ಹಳ್ಳಿಗಳು ಒಳಗೊಂಡಿದ್ದು, ಬಹುದಿನದ ಬೇಡಿಕೆಯಂತೆ ಇಂದು ಕಾವೇರಿ ನೀರು ಪೂರೈಕೆಗೆ ಚಾಲನೆ ನೀಡಲಾಗಿದೆ. ಪ್ರತಿ ಮನೆಗೂ ನೀರು ದೊರಕುವಂತೆ ಮಾಡಲಾಗುವುದು. ನೀರಿನ ಸಂಪರ್ಕ ಪಡೆದು ಅಧಿಕಾರಿಗಳೊಂದಿಗೆ ಸಹಕರಿಸಬೇಕು ಎಂದರು. ಸಾರ್ವಜನಿಕರು ನೀರನ್ನು ಮಿತವಾಗಿ ಬಳಸಬೇಕು ಎಂದು ಮನವಿ ಮಾಡಿದರು.

ಕಾರ್ಯಕ್ರಮಕ್ಕೆ ಶಾಸಕ ಬೈರತಿ ಬಸವರಾಜ ಚಾಲನೆ ನೀಡಿದರು

ಈ ಸಂದರ್ಭದಲ್ಲಿ ಕ್ಷೇತ್ರದ ಬಿಜೆಪಿ ಪ್ರಧಾನ ಕಾರ್ಯದರ್ಶಿ ನಾಗೇನಹಳ್ಳಿ ಲೋಕೇಶ್, ಮುಖಂಡರಾದ ಬೈರತಿ ಗಣೇಶ್, ಶ್ರೀನಿವಾಸ್ ಗೌಡ, ಗಣೇಶ್ ರೆಡ್ಡಿ, ಕೃಷ್ಣಮೂರ್ತಿ, ಮಹೇಶ್, ರಾಮಚಂದ್ರ, ಸತೀಶ್, ರಾಮಚಂದ್ರ, ವೆಂಕಟೇಶ್ ರೆಡ್ಡಿ, ಹಿ.ಗ್. ರಾಜೇಂದ್ರ ರೆಡ್ಡಿ, ಪ್ರಕಾಶ್ ಇದ್ದರು.
